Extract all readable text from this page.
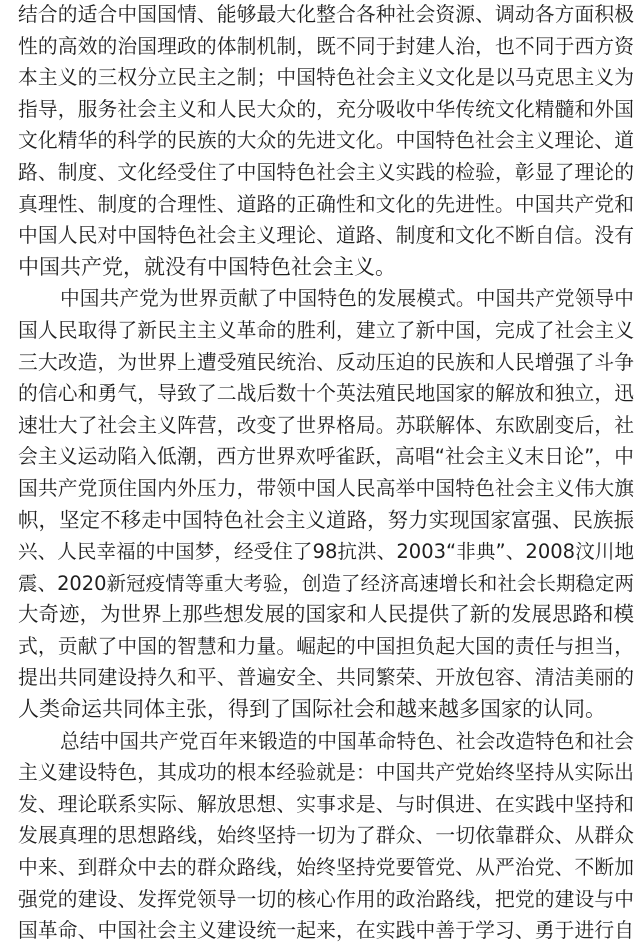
结合的适合中国国情、能够最大化整合各种社会资源、调动各方面积极
性的高效的治国理政的体制机制，既不同于封建人治，也不同于西方资
本主义的三权分立民主之制；中国特色社会主义文化是以马克思主义为
指导，服务社会主义和人民大众的，充分吸收中华传统文化精髓和外国
文化精华的科学的民族的大众的先进文化。中国特色社会主义理论、道
路、制度、文化经受住了中国特色社会主义实践的检验，彰显了理论的
真理性、制度的合理性、道路的正确性和文化的先进性。中国共产党和
中国人民对中国特色社会主义理论、道路、制度和文化不断自信。没有
中国共产党，就没有中国特色社会主义。
中国共产党为世界贡献了中国特色的发展模式。中国共产党领导中
国人民取得了新民主主义革命的胜利，建立了新中国，完成了社会主义
三大改造，为世界上遭受殖民统治、反动压迫的民族和人民增强了斗争
的信心和勇气，导致了二战后数十个英法殖民地国家的解放和独立，迅
速壮大了社会主义阵营，改变了世界格局。苏联解体、东欧剧变后，社
会主义运动陷入低潮，西方世界欢呼雀跃，高唱“社会主义末日论”，中
国共产党顶住国内外压力，带领中国人民高举中国特色社会主义伟大旗
帜，坚定不移走中国特色社会主义道路，努力实现国家富强、民族振
兴、人民幸福的中国梦，经受住了98抗洪、2003“非典”、2008汶川地
震、2020新冠疫情等重大考验，创造了经济高速增长和社会长期稳定两
大奇迹，为世界上那些想发展的国家和人民提供了新的发展思路和模
式，贡献了中国的智慧和力量。崛起的中国担负起大国的责任与担当，
提出共同建设持久和平、普遍安全、共同繁荣、开放包容、清洁美丽的
人类命运共同体主张，得到了国际社会和越来越多国家的认同。
总结中国共产党百年来锻造的中国革命特色、社会改造特色和社会
主义建设特色，其成功的根本经验就是：中国共产党始终坚持从实际出
发、理论联系实际、解放思想、实事求是、与时俱进、在实践中坚持和
发展真理的思想路线，始终坚持一切为了群众、一切依靠群众、从群众
中来、到群众中去的群众路线，始终坚持党要管党、从严治党、不断加
强党的建设、发挥党领导一切的核心作用的政治路线，把党的建设与中
国革命、中国社会主义建设统一起来，在实践中善于学习、勇于进行自
